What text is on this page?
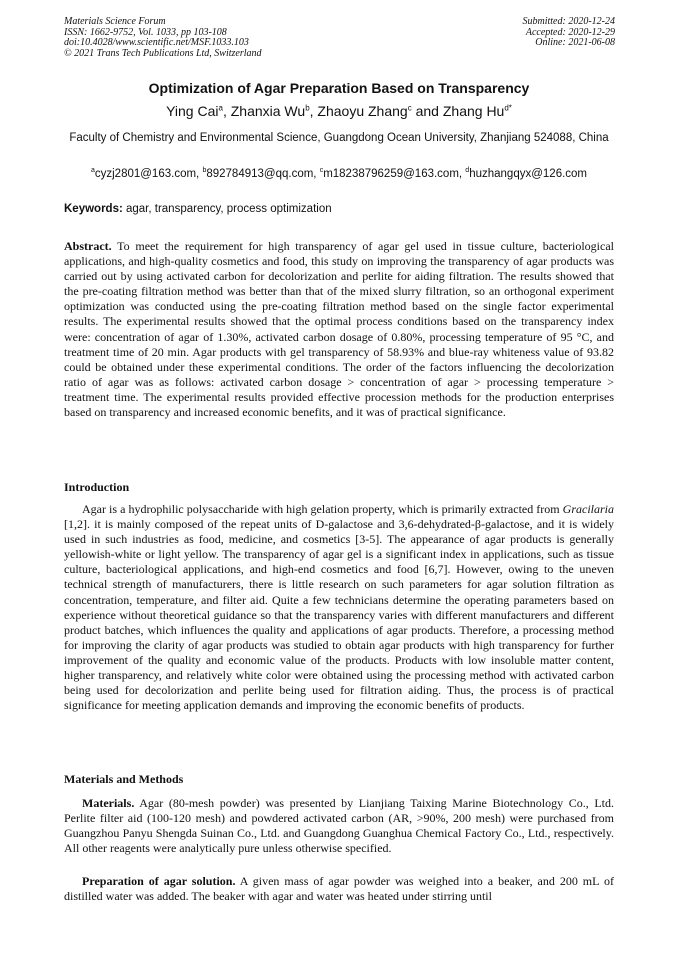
Materials Science Forum
ISSN: 1662-9752, Vol. 1033, pp 103-108
doi:10.4028/www.scientific.net/MSF.1033.103
© 2021 Trans Tech Publications Ltd, Switzerland
Submitted: 2020-12-24
Accepted: 2020-12-29
Online: 2021-06-08
Optimization of Agar Preparation Based on Transparency
Ying Cai$^a$, Zhanxia Wu$^b$, Zhaoyu Zhang$^c$ and Zhang $Hu^{d*}$
Faculty of Chemistry and Environmental Science, Guangdong Ocean University, Zhanjiang 524088, China
$^a$cyzj2801@163.com, $^b$892784913@qq.com, $^c$m18238796259@163.com, $^d$huzhangqyx@126.com
Keywords: agar, transparency, process optimization
Abstract. To meet the requirement for high transparency of agar gel used in tissue culture, bacteriological applications, and high-quality cosmetics and food, this study on improving the transparency of agar products was carried out by using activated carbon for decolorization and perlite for aiding filtration. The results showed that the pre-coating filtration method was better than that of the mixed slurry filtration, so an orthogonal experiment optimization was conducted using the pre-coating filtration method based on the single factor experimental results. The experimental results showed that the optimal process conditions based on the transparency index were: concentration of agar of 1.30%, activated carbon dosage of 0.80%, processing temperature of 95 °C, and treatment time of 20 min. Agar products with gel transparency of 58.93% and blue-ray whiteness value of 93.82 could be obtained under these experimental conditions. The order of the factors influencing the decolorization ratio of agar was as follows: activated carbon dosage > concentration of agar > processing temperature > treatment time. The experimental results provided effective procession methods for the production enterprises based on transparency and increased economic benefits, and it was of practical significance.
Introduction
Agar is a hydrophilic polysaccharide with high gelation property, which is primarily extracted from Gracilaria [1,2]. it is mainly composed of the repeat units of D-galactose and 3,6-dehydrated-β-galactose, and it is widely used in such industries as food, medicine, and cosmetics [3-5]. The appearance of agar products is generally yellowish-white or light yellow. The transparency of agar gel is a significant index in applications, such as tissue culture, bacteriological applications, and high-end cosmetics and food [6,7]. However, owing to the uneven technical strength of manufacturers, there is little research on such parameters for agar solution filtration as concentration, temperature, and filter aid. Quite a few technicians determine the operating parameters based on experience without theoretical guidance so that the transparency varies with different manufacturers and different product batches, which influences the quality and applications of agar products. Therefore, a processing method for improving the clarity of agar products was studied to obtain agar products with high transparency for further improvement of the quality and economic value of the products. Products with low insoluble matter content, higher transparency, and relatively white color were obtained using the processing method with activated carbon being used for decolorization and perlite being used for filtration aiding. Thus, the process is of practical significance for meeting application demands and improving the economic benefits of products.
Materials and Methods
Materials. Agar (80-mesh powder) was presented by Lianjiang Taixing Marine Biotechnology Co., Ltd. Perlite filter aid (100-120 mesh) and powdered activated carbon (AR, >90%, 200 mesh) were purchased from Guangzhou Panyu Shengda Suinan Co., Ltd. and Guangdong Guanghua Chemical Factory Co., Ltd., respectively. All other reagents were analytically pure unless otherwise specified.
Preparation of agar solution. A given mass of agar powder was weighed into a beaker, and 200 mL of distilled water was added. The beaker with agar and water was heated under stirring until
